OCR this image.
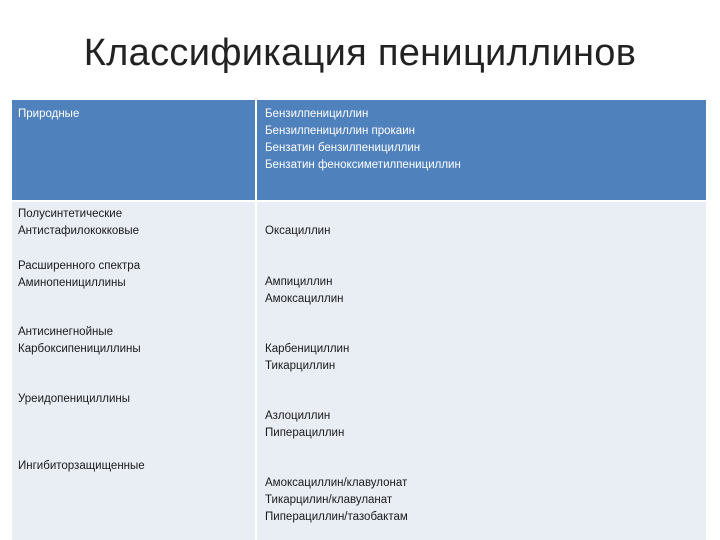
Классификация пенициллинов
Природные	Бензилпенициллин
Бензилпенициллин прокаин
Бензатин бензилпенициллин
Бензатин феноксиметилпенициллин
Полусинтетические
Антистафилококковые
Расширенного спектра
Аминопенициллины
Антисинегнойные
Карбоксипенициллины
Уреидопенициллины
Ингибиторзащищенные
Оксациллин
Ампициллин
Амоксациллин
Карбенициллин
Тикарциллин
Азлоциллин
Пиперациллин
Амоксациллин/клавулонат
Тикарцилин/клавуланат
Пиперациллин/тазобактам
